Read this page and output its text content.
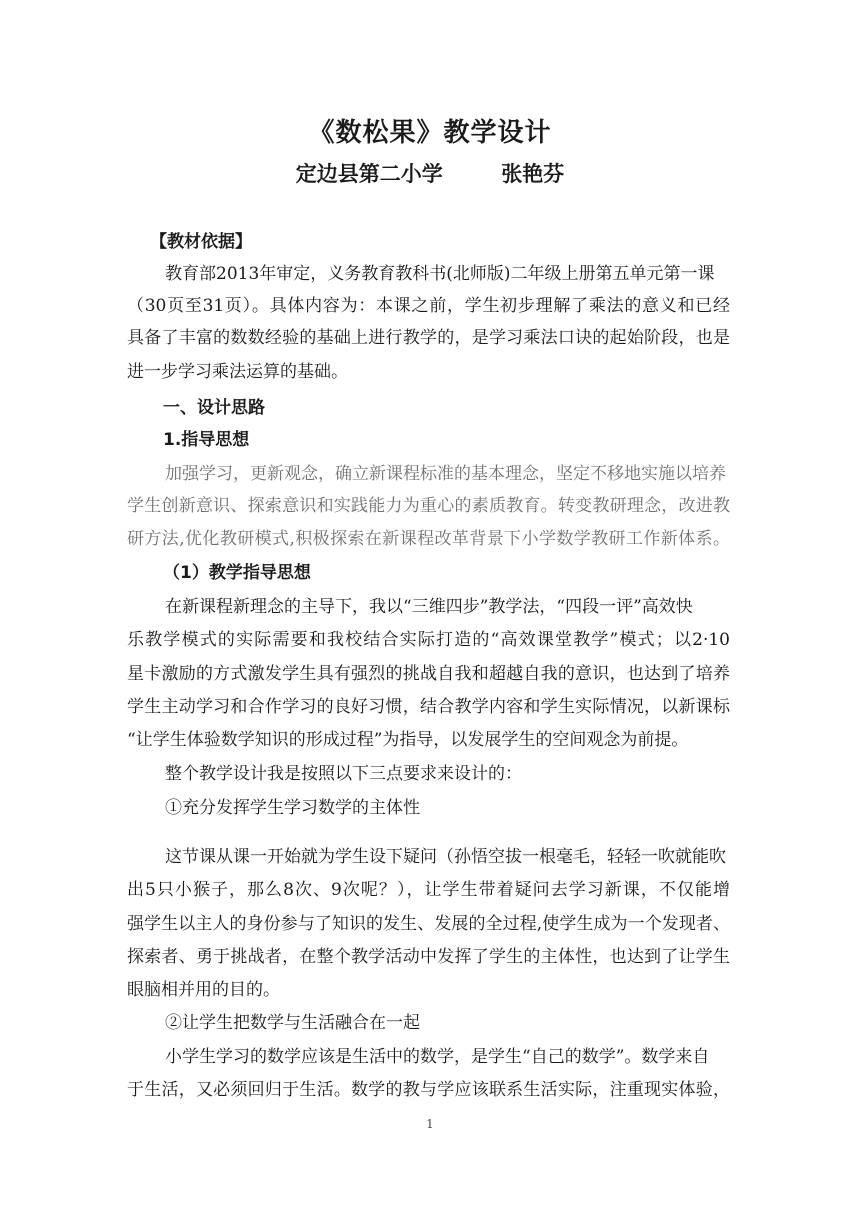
《数松果》教学设计
定边县第二小学        张艳芬
【教材依据】
教育部2013年审定，义务教育教科书(北师版)二年级上册第五单元第一课
（30页至31页）。具体内容为：本课之前，学生初步理解了乘法的意义和已经
具备了丰富的数数经验的基础上进行教学的，是学习乘法口诀的起始阶段，也是
进一步学习乘法运算的基础。
一、设计思路
1.指导思想
加强学习，更新观念，确立新课程标准的基本理念，坚定不移地实施以培养
学生创新意识、探索意识和实践能力为重心的素质教育。转变教研理念，改进教
研方法,优化教研模式,积极探索在新课程改革背景下小学数学教研工作新体系。
（1）教学指导思想
在新课程新理念的主导下，我以“三维四步”教学法，“四段一评”高效快
乐教学模式的实际需要和我校结合实际打造的“高效课堂教学”模式；以2·10
星卡激励的方式激发学生具有强烈的挑战自我和超越自我的意识，也达到了培养
学生主动学习和合作学习的良好习惯，结合教学内容和学生实际情况，以新课标
“让学生体验数学知识的形成过程”为指导，以发展学生的空间观念为前提。
整个教学设计我是按照以下三点要求来设计的：
①充分发挥学生学习数学的主体性
这节课从课一开始就为学生设下疑问（孙悟空拔一根毫毛，轻轻一吹就能吹
出5只小猴子，那么8次、9次呢？），让学生带着疑问去学习新课，不仅能增
强学生以主人的身份参与了知识的发生、发展的全过程,使学生成为一个发现者、
探索者、勇于挑战者，在整个教学活动中发挥了学生的主体性，也达到了让学生
眼脑相并用的目的。
②让学生把数学与生活融合在一起
小学生学习的数学应该是生活中的数学，是学生“自己的数学”。数学来自
于生活，又必须回归于生活。数学的教与学应该联系生活实际，注重现实体验，
1
